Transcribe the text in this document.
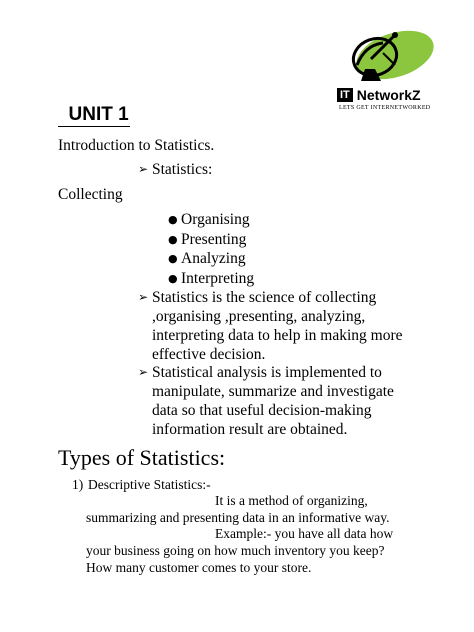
IT NetworkZ
LETS GET INTERNETWORKED
UNIT 1
Introduction to Statistics.
➢ Statistics:
Collecting
● Organising
● Presenting
● Analyzing
● Interpreting
➢ Statistics is the science of collecting
,organising ,presenting, analyzing,
interpreting data to help in making more
effective decision.
➢ Statistical analysis is implemented to
manipulate, summarize and investigate
data so that useful decision-making
information result are obtained.
Types of Statistics:
1) Descriptive Statistics:-
It is a method of organizing,
summarizing and presenting data in an informative way.
Example:- you have all data how
your business going on how much inventory you keep?
How many customer comes to your store.
